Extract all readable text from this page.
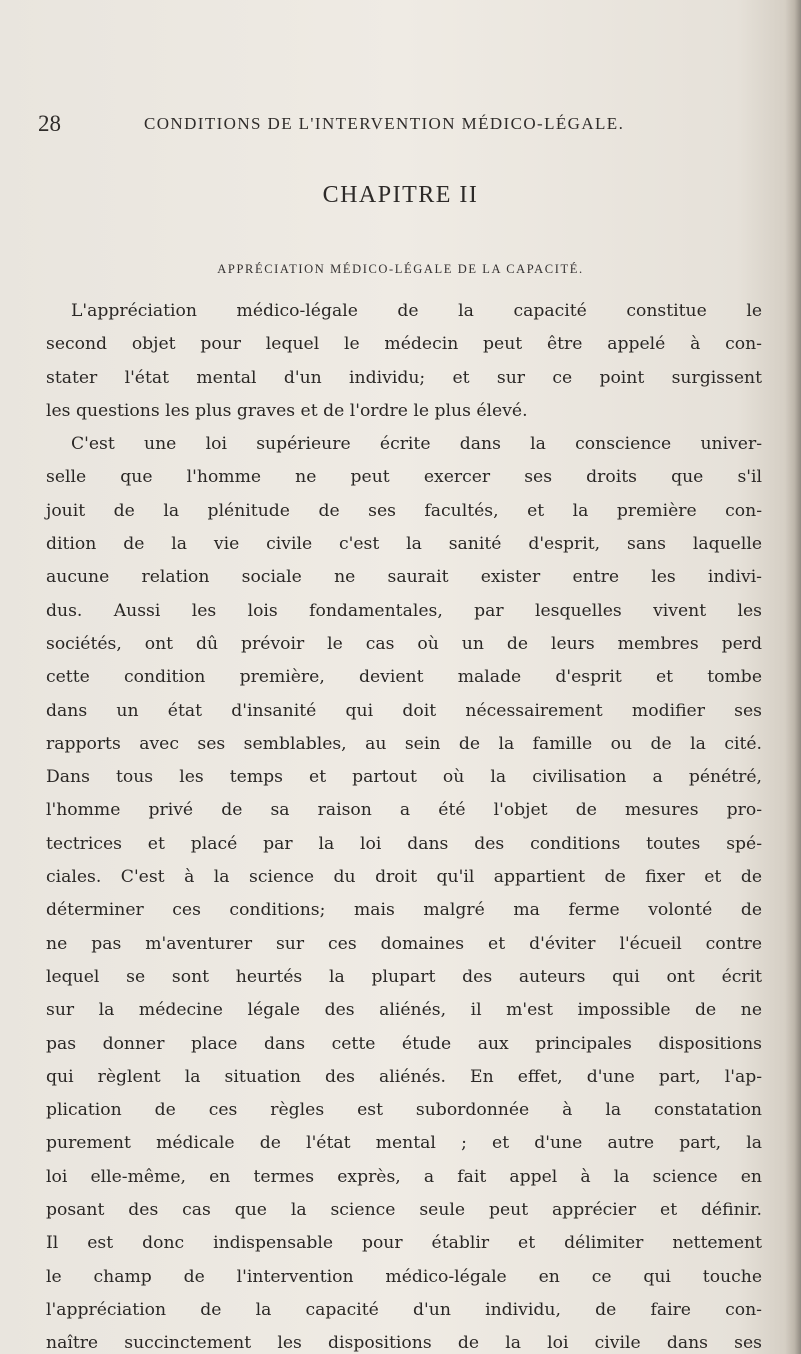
28	CONDITIONS DE L'INTERVENTION MÉDICO-LÉGALE.
CHAPITRE II
APPRÉCIATION MÉDICO-LÉGALE DE LA CAPACITÉ.
L'appréciation médico-légale de la capacité constitue le
second objet pour lequel le médecin peut être appelé à con-
stater l'état mental d'un individu; et sur ce point surgissent
les questions les plus graves et de l'ordre le plus élevé.
C'est une loi supérieure écrite dans la conscience univer-
selle que l'homme ne peut exercer ses droits que s'il
jouit de la plénitude de ses facultés, et la première con-
dition de la vie civile c'est la sanité d'esprit, sans laquelle
aucune relation sociale ne saurait exister entre les indivi-
dus. Aussi les lois fondamentales, par lesquelles vivent les
sociétés, ont dû prévoir le cas où un de leurs membres perd
cette condition première, devient malade d'esprit et tombe
dans un état d'insanité qui doit nécessairement modifier ses
rapports avec ses semblables, au sein de la famille ou de la cité.
Dans tous les temps et partout où la civilisation a pénétré,
l'homme privé de sa raison a été l'objet de mesures pro-
tectrices et placé par la loi dans des conditions toutes spé-
ciales. C'est à la science du droit qu'il appartient de fixer et de
déterminer ces conditions; mais malgré ma ferme volonté de
ne pas m'aventurer sur ces domaines et d'éviter l'écueil contre
lequel se sont heurtés la plupart des auteurs qui ont écrit
sur la médecine légale des aliénés, il m'est impossible de ne
pas donner place dans cette étude aux principales dispositions
qui règlent la situation des aliénés. En effet, d'une part, l'ap-
plication de ces règles est subordonnée à la constatation
purement médicale de l'état mental ; et d'une autre part, la
loi elle-même, en termes exprès, a fait appel à la science en
posant des cas que la science seule peut apprécier et définir.
Il est donc indispensable pour établir et délimiter nettement
le champ de l'intervention médico-légale en ce qui touche
l'appréciation de la capacité d'un individu, de faire con-
naître succinctement les dispositions de la loi civile dans ses
